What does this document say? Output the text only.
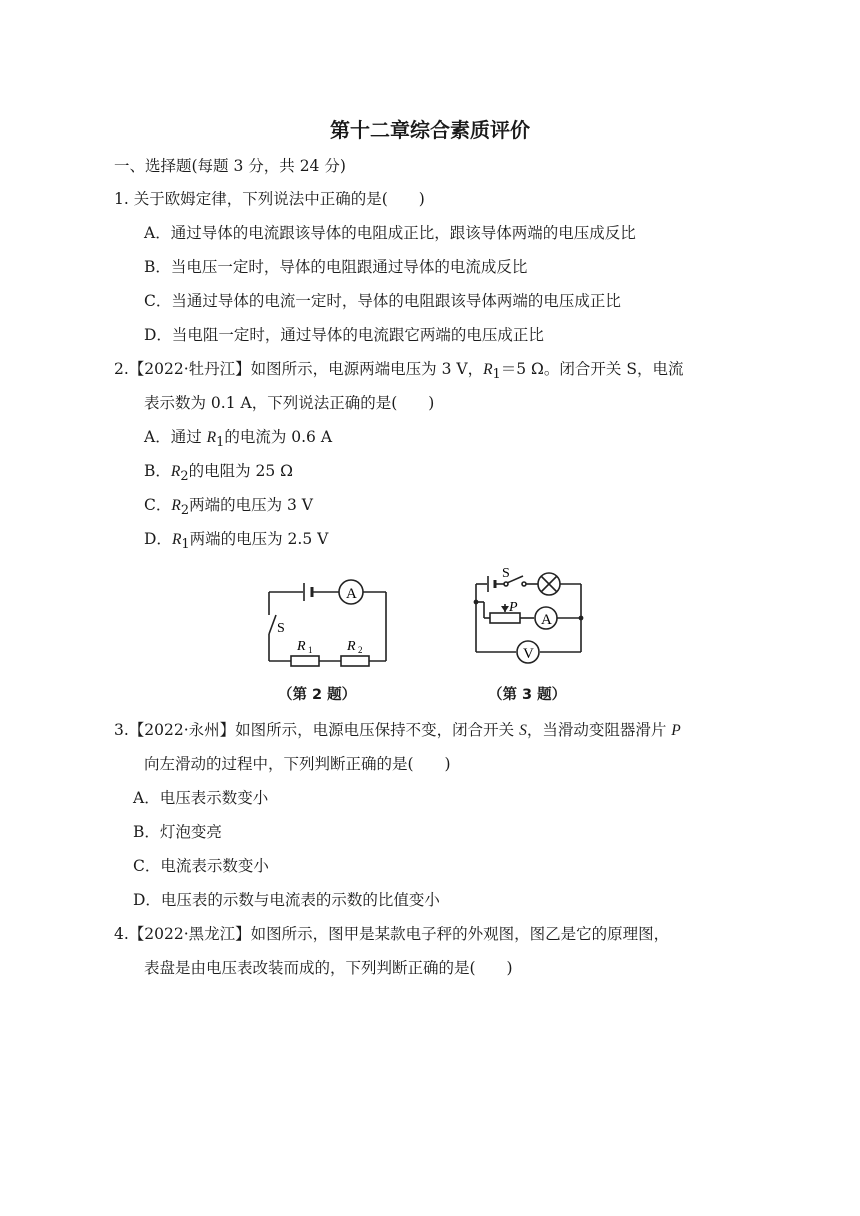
第十二章综合素质评价
一、选择题(每题 3 分，共 24 分)
1. 关于欧姆定律，下列说法中正确的是(　　)
A．通过导体的电流跟该导体的电阻成正比，跟该导体两端的电压成反比
B．当电压一定时，导体的电阻跟通过导体的电流成反比
C．当通过导体的电流一定时，导体的电阻跟该导体两端的电压成正比
D．当电阻一定时，通过导体的电流跟它两端的电压成正比
2.【2022·牡丹江】如图所示，电源两端电压为 3 V，$R_1=5$ Ω。闭合开关 S，电流
表示数为 0.1 A，下列说法正确的是(　　)
A．通过 $R_1$的电流为 0.6 A
B．$R_2$的电阻为 25 Ω
C．$R_2$两端的电压为 3 V
D．$R_1$两端的电压为 2.5 V
A
S
R 1 R 2
（第 2 题）
S
P
A
V
（第 3 题）
3.【2022·永州】如图所示，电源电压保持不变，闭合开关 S，当滑动变阻器滑片 P
向左滑动的过程中，下列判断正确的是(　　)
A．电压表示数变小
B．灯泡变亮
C．电流表示数变小
D．电压表的示数与电流表的示数的比值变小
4.【2022·黑龙江】如图所示，图甲是某款电子秤的外观图，图乙是它的原理图，
表盘是由电压表改装而成的，下列判断正确的是(　　)
